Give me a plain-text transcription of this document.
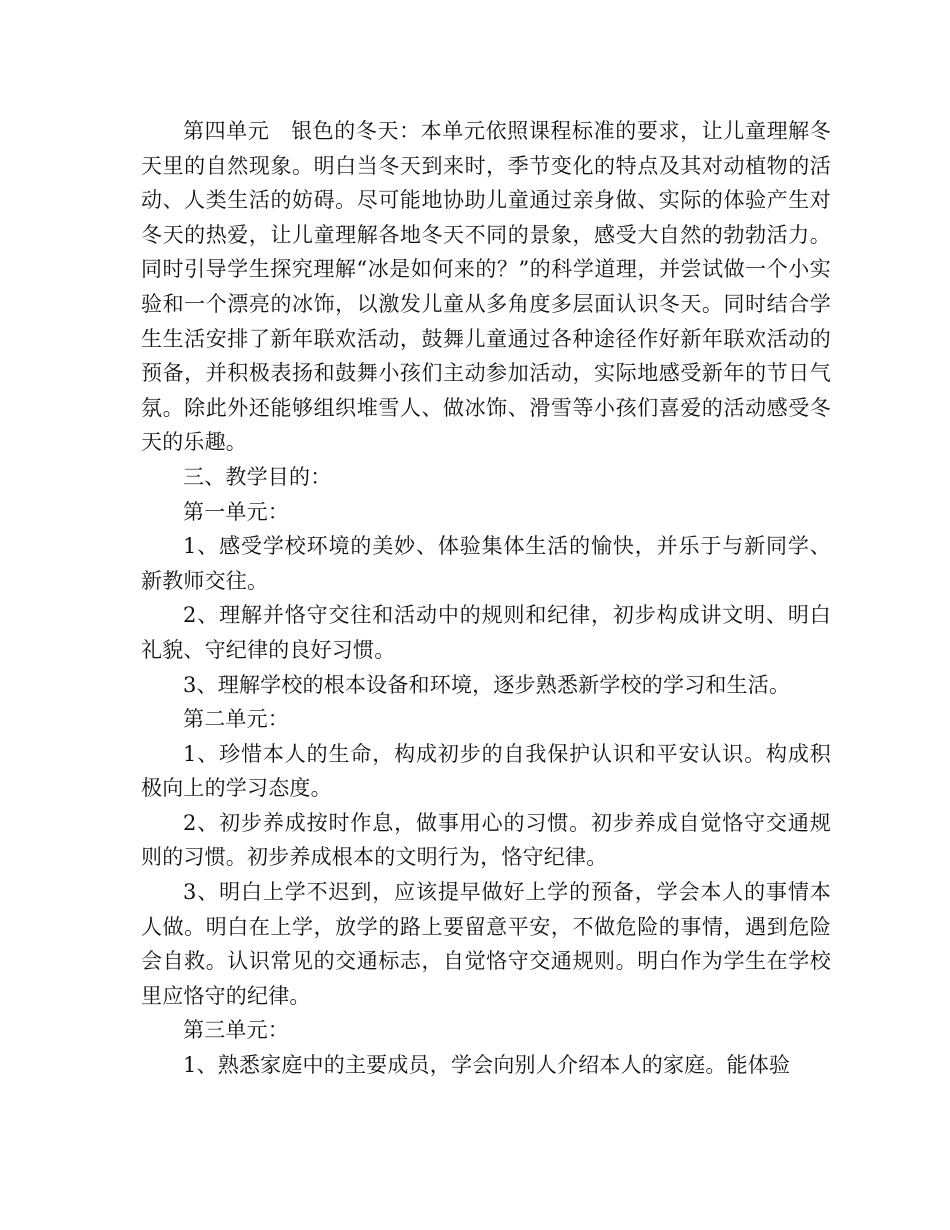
第四单元　银色的冬天：本单元依照课程标准的要求，让儿童理解冬天里的自然现象。明白当冬天到来时，季节变化的特点及其对动植物的活动、人类生活的妨碍。尽可能地协助儿童通过亲身做、实际的体验产生对冬天的热爱，让儿童理解各地冬天不同的景象，感受大自然的勃勃活力。同时引导学生探究理解“冰是如何来的？”的科学道理，并尝试做一个小实验和一个漂亮的冰饰，以激发儿童从多角度多层面认识冬天。同时结合学生生活安排了新年联欢活动，鼓舞儿童通过各种途径作好新年联欢活动的预备，并积极表扬和鼓舞小孩们主动参加活动，实际地感受新年的节日气氛。除此外还能够组织堆雪人、做冰饰、滑雪等小孩们喜爱的活动感受冬天的乐趣。

三、教学目的：

第一单元：

1、感受学校环境的美妙、体验集体生活的愉快，并乐于与新同学、新教师交往。

2、理解并恪守交往和活动中的规则和纪律，初步构成讲文明、明白礼貌、守纪律的良好习惯。

3、理解学校的根本设备和环境，逐步熟悉新学校的学习和生活。

第二单元：

1、珍惜本人的生命，构成初步的自我保护认识和平安认识。构成积极向上的学习态度。

2、初步养成按时作息，做事用心的习惯。初步养成自觉恪守交通规则的习惯。初步养成根本的文明行为，恪守纪律。

3、明白上学不迟到，应该提早做好上学的预备，学会本人的事情本人做。明白在上学，放学的路上要留意平安，不做危险的事情，遇到危险会自救。认识常见的交通标志，自觉恪守交通规则。明白作为学生在学校里应恪守的纪律。

第三单元：

1、熟悉家庭中的主要成员，学会向别人介绍本人的家庭。能体验
